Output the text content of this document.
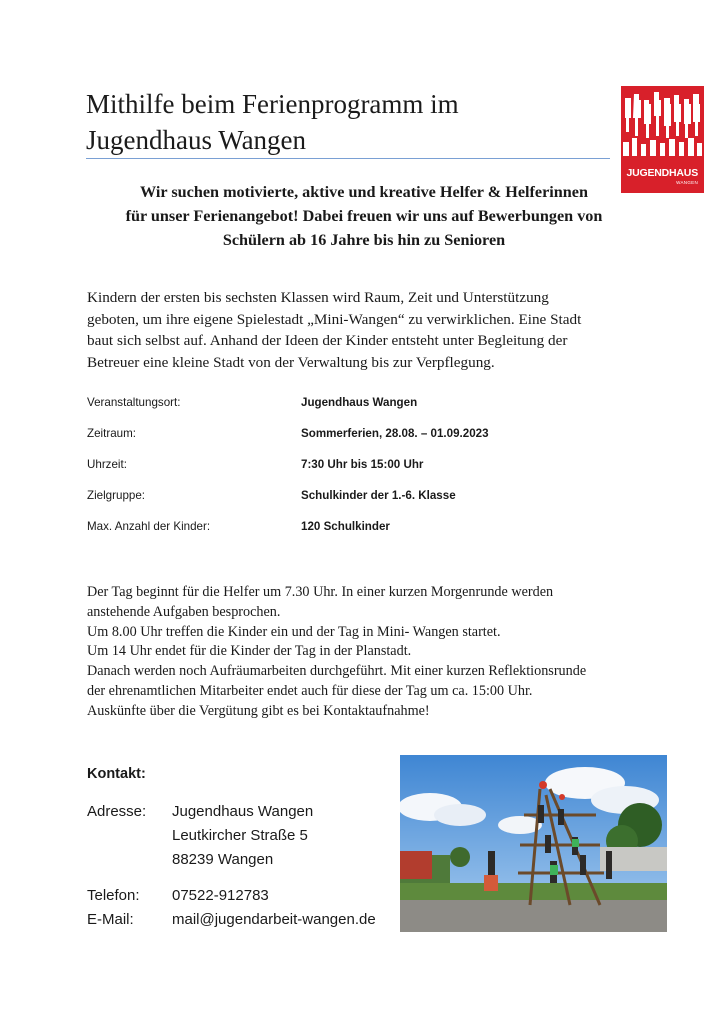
Mithilfe beim Ferienprogramm im
Jugendhaus Wangen
JUGENDHAUS
WANGEN
Wir suchen motivierte, aktive und kreative Helfer & Helferinnen
für unser Ferienangebot! Dabei freuen wir uns auf Bewerbungen von
Schülern ab 16 Jahre bis hin zu Senioren
Kindern der ersten bis sechsten Klassen wird Raum, Zeit und Unterstützung
geboten, um ihre eigene Spielestadt „Mini-Wangen“ zu verwirklichen. Eine Stadt
baut sich selbst auf. Anhand der Ideen der Kinder entsteht unter Begleitung der
Betreuer eine kleine Stadt von der Verwaltung bis zur Verpflegung.
Veranstaltungsort:	Jugendhaus Wangen
Zeitraum:	Sommerferien, 28.08. – 01.09.2023
Uhrzeit:	7:30 Uhr bis 15:00 Uhr
Zielgruppe:	Schulkinder der 1.-6. Klasse
Max. Anzahl der Kinder:	120 Schulkinder
Der Tag beginnt für die Helfer um 7.30 Uhr. In einer kurzen Morgenrunde werden
anstehende Aufgaben besprochen.
Um 8.00 Uhr treffen die Kinder ein und der Tag in Mini- Wangen startet.
Um 14 Uhr endet für die Kinder der Tag in der Planstadt.
Danach werden noch Aufräumarbeiten durchgeführt. Mit einer kurzen Reflektionsrunde
der ehrenamtlichen Mitarbeiter endet auch für diese der Tag um ca. 15:00 Uhr.
Auskünfte über die Vergütung gibt es bei Kontaktaufnahme!
Kontakt:
Adresse: Jugendhaus Wangen
Leutkircher Straße 5
88239 Wangen
Telefon: 07522-912783
E-Mail:	mail@jugendarbeit-wangen.de
